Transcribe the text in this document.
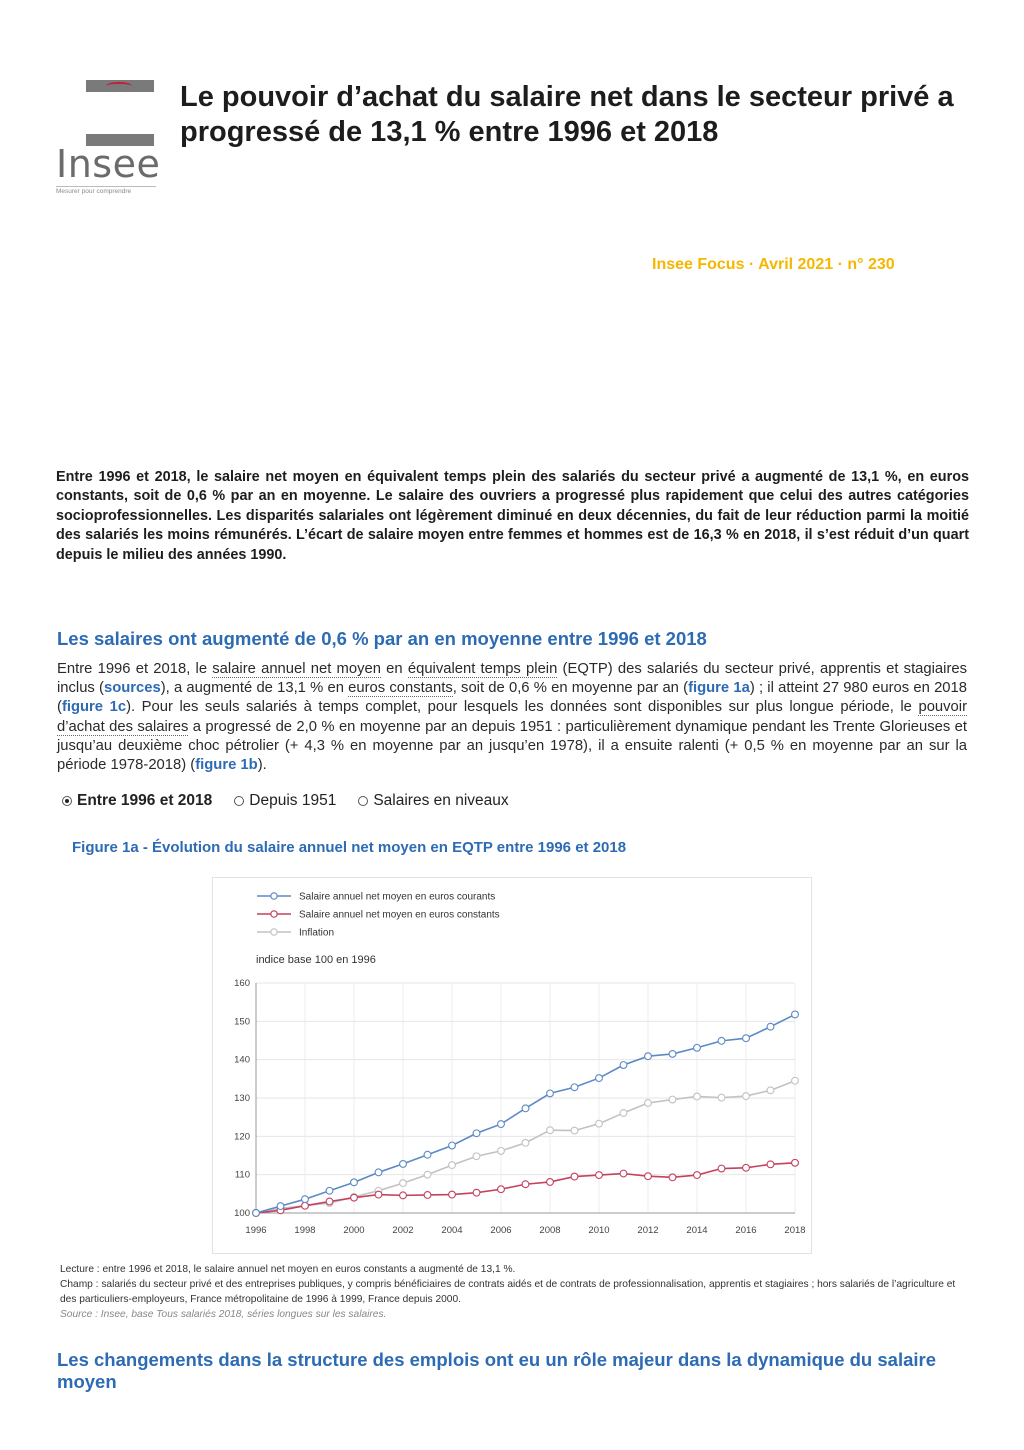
Insee
Mesurer pour comprendre
Le pouvoir d’achat du salaire net dans le secteur privé a progressé de 13,1 % entre 1996 et 2018
Insee Focus · Avril 2021 · n° 230

Entre 1996 et 2018, le salaire net moyen en équivalent temps plein des salariés du secteur privé a augmenté de 13,1 %, en euros constants, soit de 0,6 % par an en moyenne. Le salaire des ouvriers a progressé plus rapidement que celui des autres catégories socioprofessionnelles. Les disparités salariales ont légèrement diminué en deux décennies, du fait de leur réduction parmi la moitié des salariés les moins rémunérés. L’écart de salaire moyen entre femmes et hommes est de 16,3 % en 2018, il s’est réduit d’un quart depuis le milieu des années 1990.

Les salaires ont augmenté de 0,6 % par an en moyenne entre 1996 et 2018

Entre 1996 et 2018, le salaire annuel net moyen en équivalent temps plein (EQTP) des salariés du secteur privé, apprentis et stagiaires inclus (sources), a augmenté de 13,1 % en euros constants, soit de 0,6 % en moyenne par an (figure 1a) ; il atteint 27 980 euros en 2018 (figure 1c). Pour les seuls salariés à temps complet, pour lesquels les données sont disponibles sur plus longue période, le pouvoir d’achat des salaires a progressé de 2,0 % en moyenne par an depuis 1951 : particulièrement dynamique pendant les Trente Glorieuses et jusqu’au deuxième choc pétrolier (+ 4,3 % en moyenne par an jusqu’en 1978), il a ensuite ralenti (+ 0,5 % en moyenne par an sur la période 1978-2018) (figure 1b).

Entre 1996 et 2018 Depuis 1951 Salaires en niveaux
Figure 1a - Évolution du salaire annuel net moyen en EQTP entre 1996 et 2018
Salaire annuel net moyen en euros courants
Salaire annuel net moyen en euros constants
Inflation
indice base 100 en 1996
100
110
120
130
140
150
160
1996	1998	2000	2002	2004	2006	2008	2010	2012	2014	2016	2018
Lecture : entre 1996 et 2018, le salaire annuel net moyen en euros constants a augmenté de 13,1 %.
Champ : salariés du secteur privé et des entreprises publiques, y compris bénéficiaires de contrats aidés et de contrats de professionnalisation, apprentis et stagiaires ; hors salariés de l’agriculture et des particuliers-employeurs, France métropolitaine de 1996 à 1999, France depuis 2000.
Source : Insee, base Tous salariés 2018, séries longues sur les salaires.
Les changements dans la structure des emplois ont eu un rôle majeur dans la dynamique du salaire moyen
